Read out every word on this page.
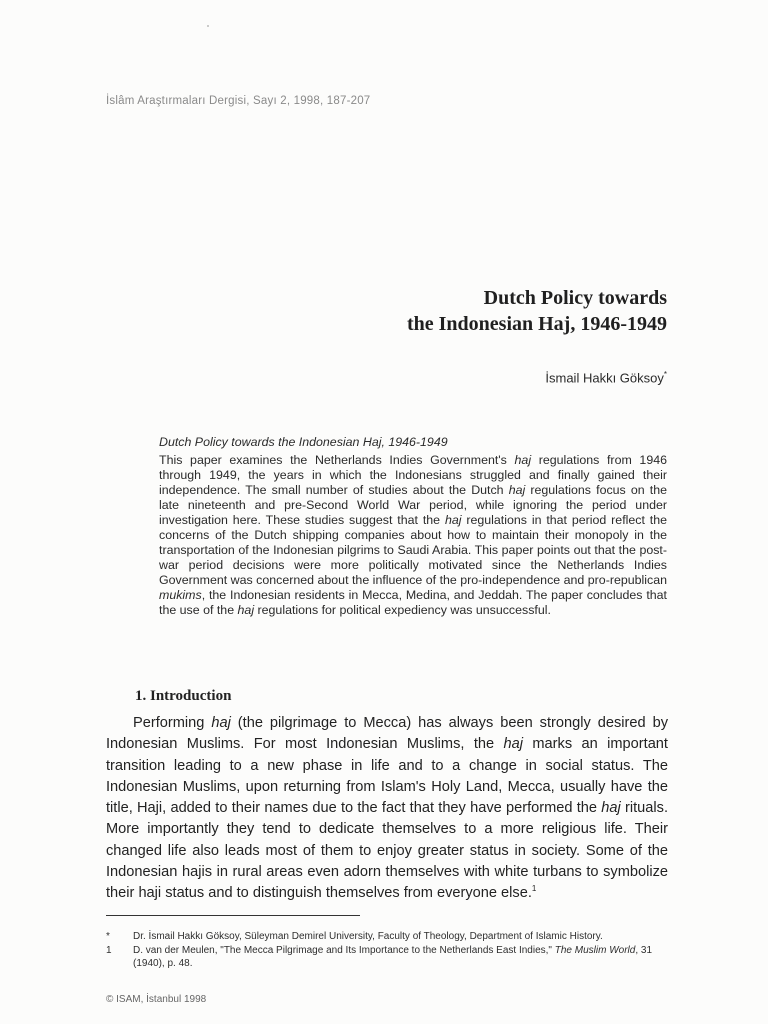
İslâm Araştırmaları Dergisi, Sayı 2, 1998, 187-207
Dutch Policy towards
the Indonesian Haj, 1946-1949
İsmail Hakkı Göksoy*
Dutch Policy towards the Indonesian Haj, 1946-1949
This paper examines the Netherlands Indies Government's haj regulations from 1946 through 1949, the years in which the Indonesians struggled and finally gained their independence. The small number of studies about the Dutch haj regulations focus on the late nineteenth and pre-Second World War period, while ignoring the period under investigation here. These studies suggest that the haj regulations in that period reflect the concerns of the Dutch shipping companies about how to maintain their monopoly in the transportation of the Indonesian pilgrims to Saudi Arabia. This paper points out that the post-war period decisions were more politically motivated since the Netherlands Indies Government was concerned about the influence of the pro-independence and pro-republican mukims, the Indonesian residents in Mecca, Medina, and Jeddah. The paper concludes that the use of the haj regulations for political expediency was unsuccessful.
1. Introduction
Performing haj (the pilgrimage to Mecca) has always been strongly desired by Indonesian Muslims. For most Indonesian Muslims, the haj marks an important transition leading to a new phase in life and to a change in social status. The Indonesian Muslims, upon returning from Islam's Holy Land, Mecca, usually have the title, Haji, added to their names due to the fact that they have performed the haj rituals. More importantly they tend to dedicate themselves to a more religious life. Their changed life also leads most of them to enjoy greater status in society. Some of the Indonesian hajis in rural areas even adorn themselves with white turbans to symbolize their haji status and to distinguish themselves from everyone else.$^1$
*	Dr. İsmail Hakkı Göksoy, Süleyman Demirel University, Faculty of Theology, Department of Islamic History.
1	D. van der Meulen, "The Mecca Pilgrimage and Its Importance to the Netherlands East Indies," The Muslim World, 31 (1940), p. 48.
© ISAM, İstanbul 1998
